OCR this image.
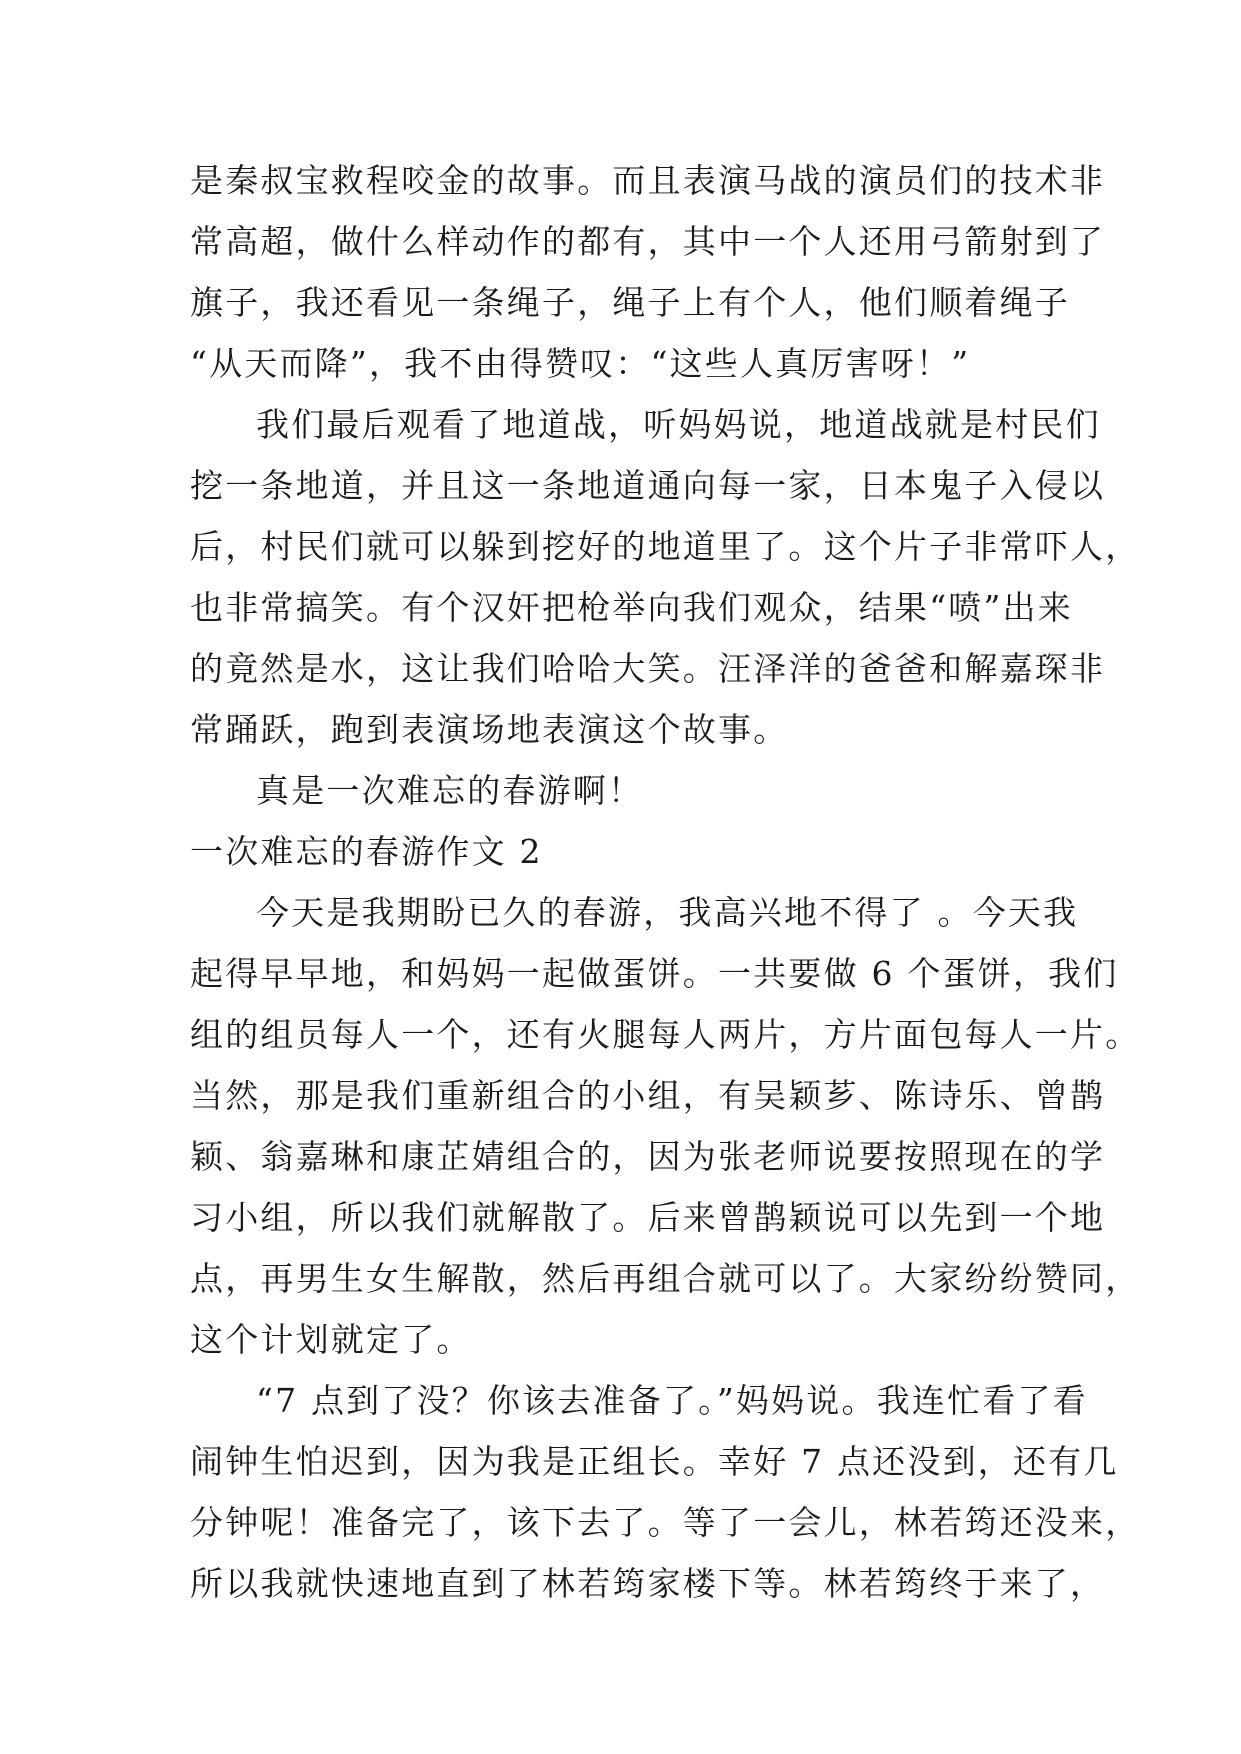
是秦叔宝救程咬金的故事。而且表演马战的演员们的技术非
常高超，做什么样动作的都有，其中一个人还用弓箭射到了
旗子，我还看见一条绳子，绳子上有个人，他们顺着绳子
“从天而降”，我不由得赞叹：“这些人真厉害呀！”
我们最后观看了地道战，听妈妈说，地道战就是村民们
挖一条地道，并且这一条地道通向每一家，日本鬼子入侵以
后，村民们就可以躲到挖好的地道里了。这个片子非常吓人，
也非常搞笑。有个汉奸把枪举向我们观众，结果“喷”出来
的竟然是水，这让我们哈哈大笑。汪泽洋的爸爸和解嘉琛非
常踊跃，跑到表演场地表演这个故事。
真是一次难忘的春游啊！
一次难忘的春游作文 2
今天是我期盼已久的春游，我高兴地不得了 。今天我
起得早早地，和妈妈一起做蛋饼。一共要做 6 个蛋饼，我们
组的组员每人一个，还有火腿每人两片，方片面包每人一片。
当然，那是我们重新组合的小组，有吴颖芗、陈诗乐、曾鹊
颖、翁嘉琳和康芷婧组合的，因为张老师说要按照现在的学
习小组，所以我们就解散了。后来曾鹊颖说可以先到一个地
点，再男生女生解散，然后再组合就可以了。大家纷纷赞同，
这个计划就定了。
“7 点到了没？你该去准备了。”妈妈说。我连忙看了看
闹钟生怕迟到，因为我是正组长。幸好 7 点还没到，还有几
分钟呢！准备完了，该下去了。等了一会儿，林若筠还没来，
所以我就快速地直到了林若筠家楼下等。林若筠终于来了，
